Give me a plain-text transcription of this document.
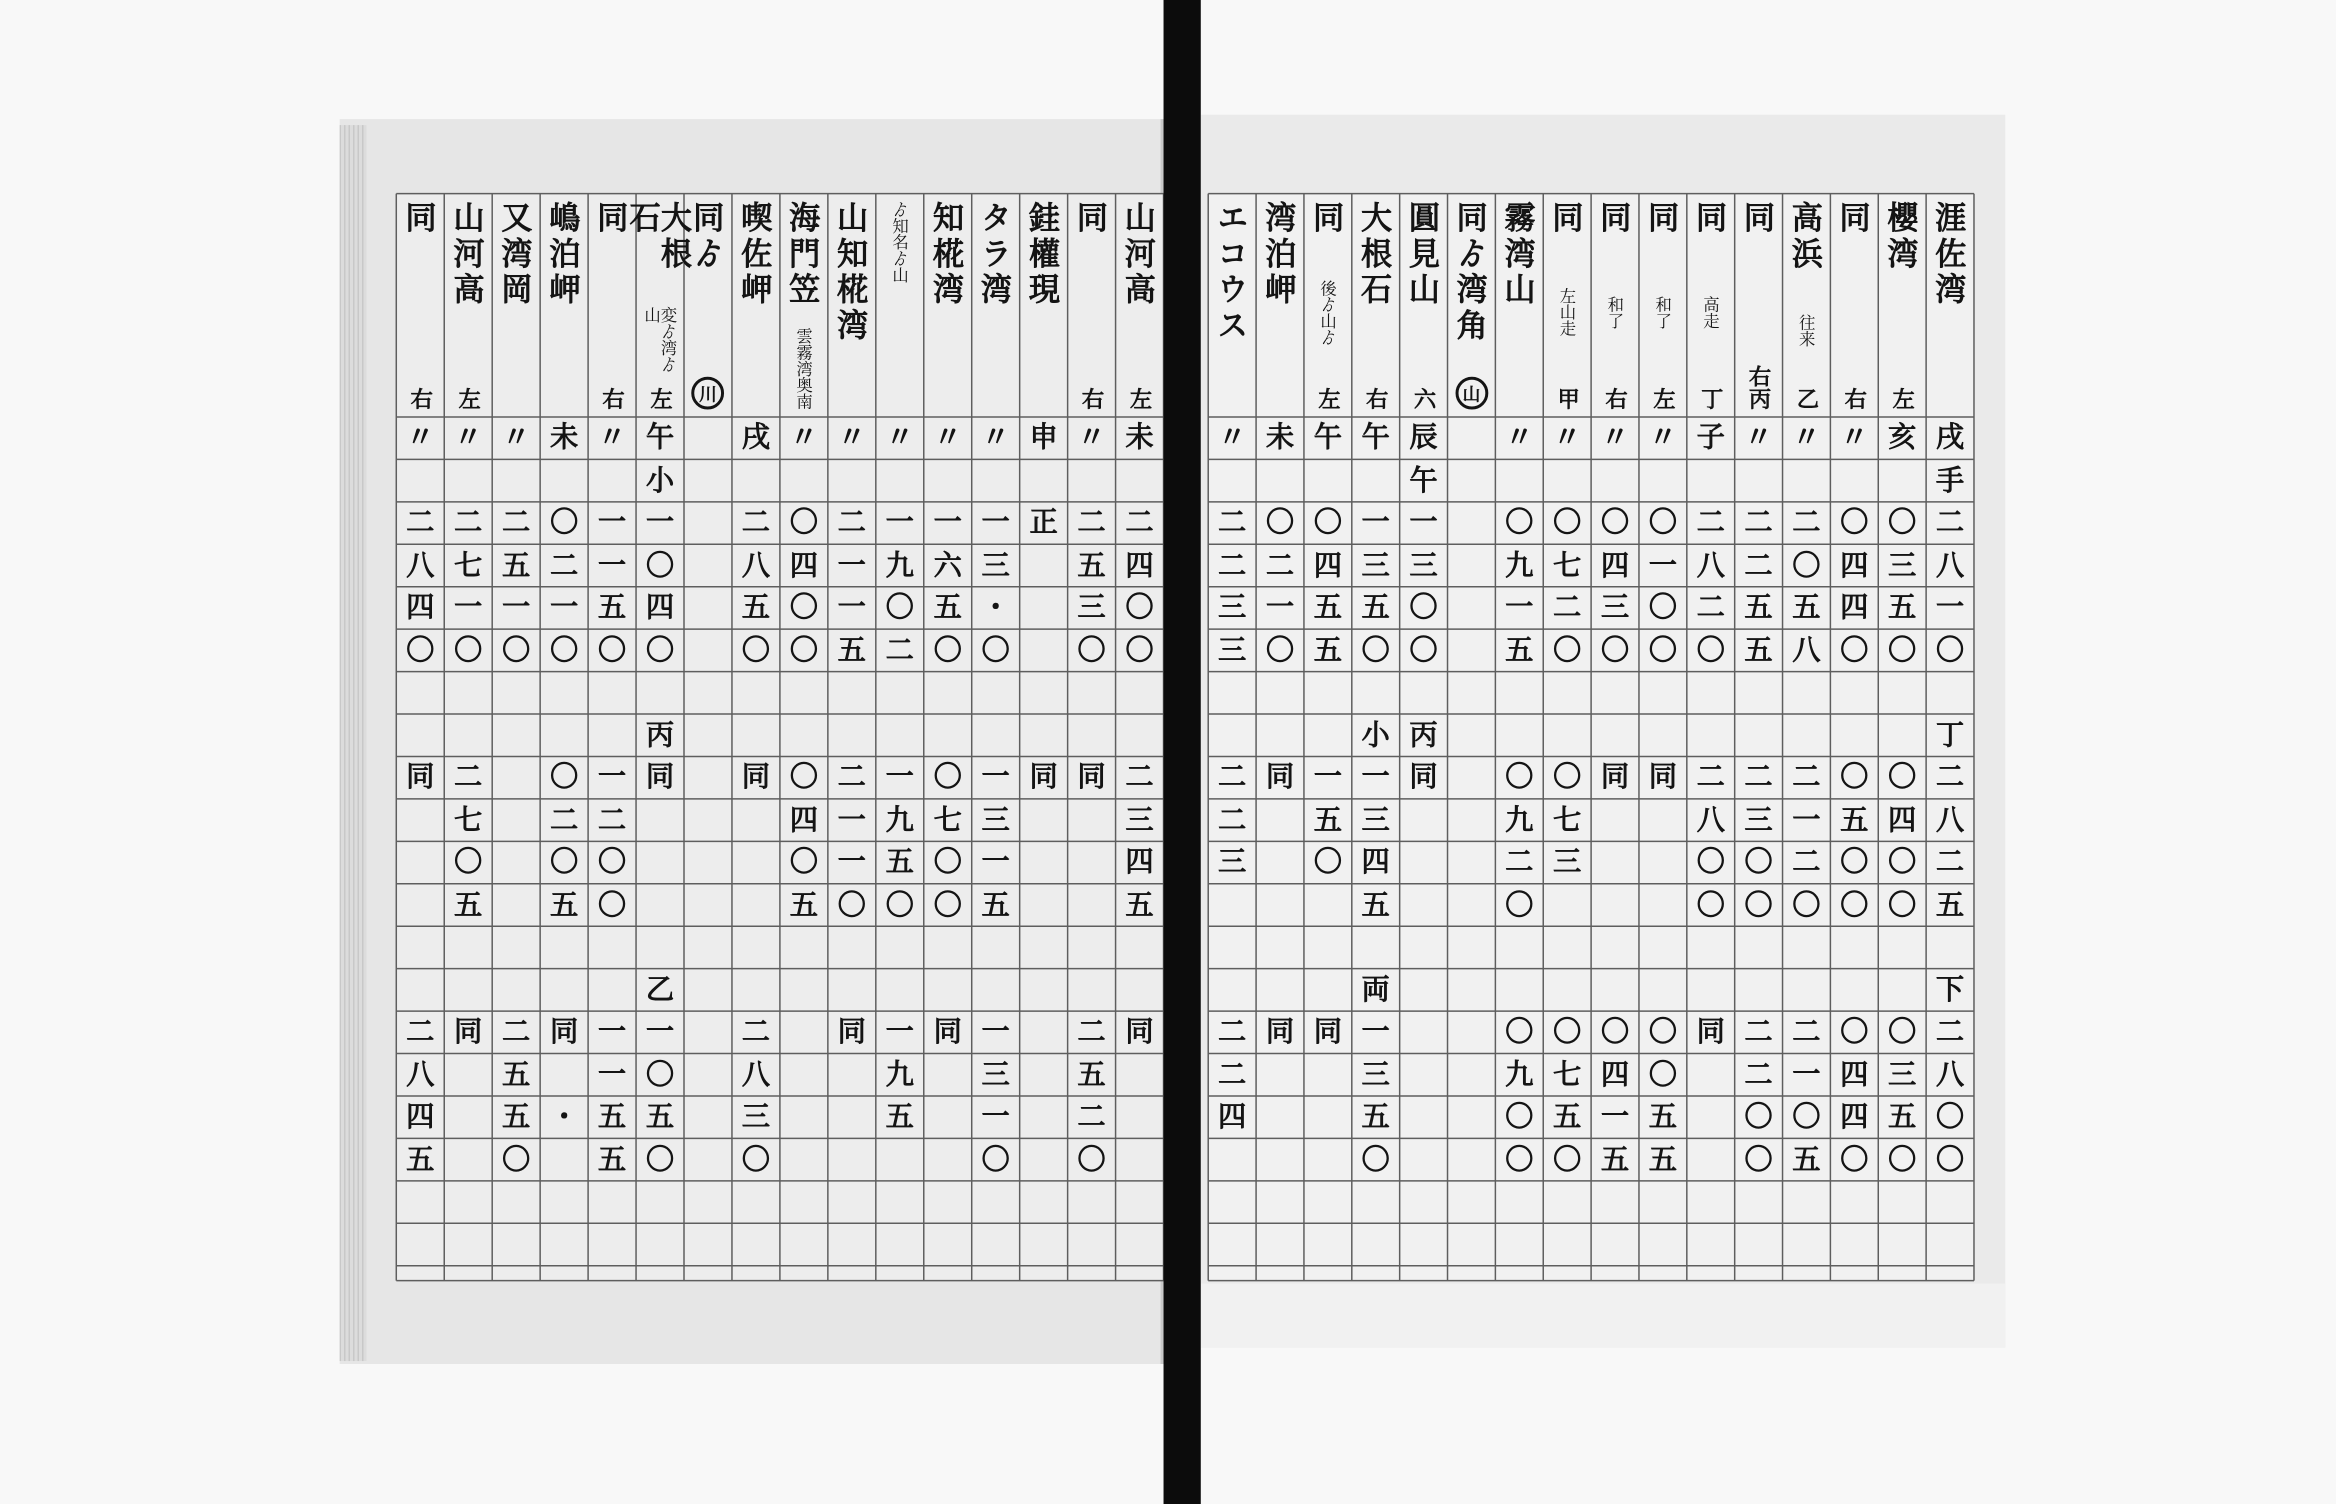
山河高
左
未
二
四
〇
〇
二
三
四
五
同
同
右
〃
二
五
三
〇
同
二
五
二
〇
銈權現
申
正
同
タラ湾
〃
一
三
・
〇
一
三
一
五
一
三
一
〇
知椛湾
〃
一
六
五
〇
〇
七
〇
〇
同
ゟ知名ゟ山
〃
一
九
〇
二
一
九
五
〇
一
九
五
山知椛湾
〃
二
一
一
五
二
一
一
〇
同
海門笠
雲霧湾奥南
〃
〇
四
〇
〇
〇
四
〇
五
喫佐岬
戌
二
八
五
〇
同
二
八
三
〇
同ゟ
川
大根石
変ゟ湾ゟ山
左
午
小
丙
乙
一
〇
四
〇
同
一
〇
五
〇
同
右
〃
一
一
五
〇
一
二
〇
〇
一
一
五
五
嶋泊岬
未
〇
二
一
〇
〇
二
〇
五
同
・
又湾岡
〃
二
五
一
〇
二
五
五
〇
山河高
左
〃
二
七
一
〇
二
七
〇
五
同
同
右
〃
二
八
四
〇
同
二
八
四
五
涯佐湾
戌
手
丁
下
二
八
一
〇
二
八
二
五
二
八
〇
〇
櫻湾
左
亥
〇
三
五
〇
〇
四
〇
〇
〇
三
五
〇
同
右
〃
〇
四
四
〇
〇
五
〇
〇
〇
四
四
〇
高浜
往来
乙
〃
二
〇
五
八
二
一
二
〇
二
一
〇
五
同
右丙
〃
二
二
五
五
二
三
〇
〇
二
二
〇
〇
同
高走
丁
子
二
八
二
〇
二
八
〇
〇
同
同
和了
左
〃
〇
一
〇
〇
同
〇
〇
五
五
同
和了
右
〃
〇
四
三
〇
同
〇
四
一
五
同
左山走
甲
〃
〇
七
二
〇
〇
七
三
〇
七
五
〇
霧湾山
〃
〇
九
一
五
〇
九
二
〇
〇
九
〇
〇
同ゟ湾角
山
圓見山
六
辰
午
丙
一
三
〇
〇
同
大根石
右
午
小
両
一
三
五
〇
一
三
四
五
一
三
五
〇
同
後ゟ山ゟ
左
午
〇
四
五
五
一
五
〇
同
湾泊岬
未
〇
二
一
〇
同
同
エコウス
〃
二
二
三
三
二
二
三
二
二
四
